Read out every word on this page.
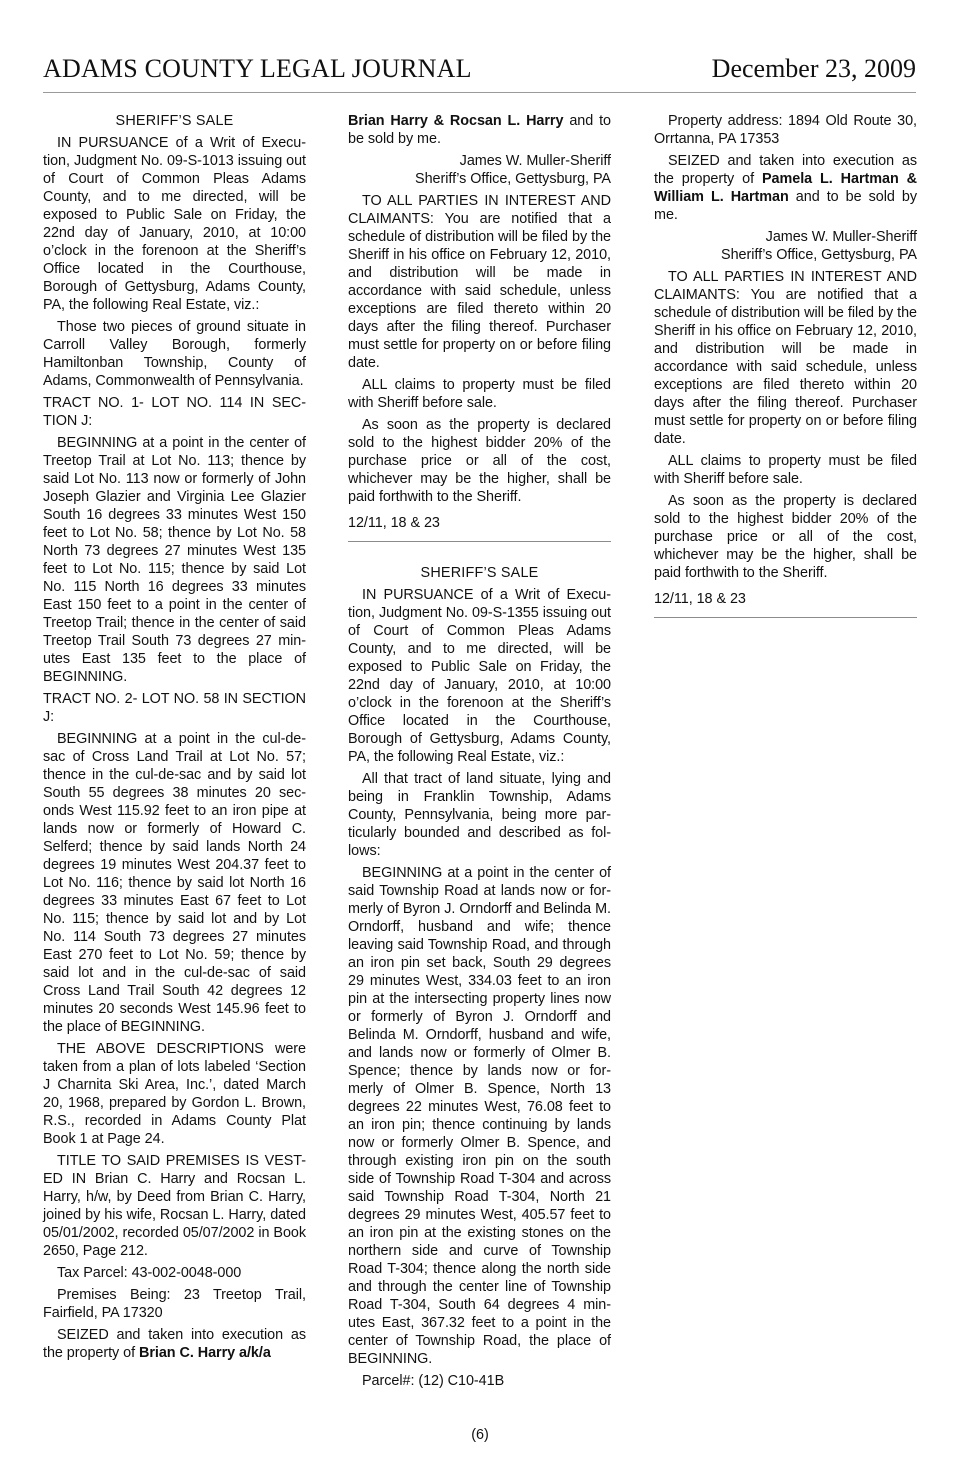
ADAMS COUNTY LEGAL JOURNAL	December 23, 2009
SHERIFF’S SALE

IN PURSUANCE of a Writ of Execu- tion, Judgment No. 09-S-1013 issuing out of Court of Common Pleas Adams County, and to me directed, will be exposed to Public Sale on Friday, the 22nd day of January, 2010, at 10:00 o’clock in the forenoon at the Sheriff’s Office located in the Courthouse, Borough of Gettysburg, Adams County, PA, the following Real Estate, viz.:

Those two pieces of ground situate in Carroll Valley Borough, formerly Hamiltonban Township, County of Adams, Commonwealth of Pennsylvania.

TRACT NO. 1- LOT NO. 114 IN SEC- TION J:

BEGINNING at a point in the center of Treetop Trail at Lot No. 113; thence by said Lot No. 113 now or formerly of John Joseph Glazier and Virginia Lee Glazier South 16 degrees 33 minutes West 150 feet to Lot No. 58; thence by Lot No. 58 North 73 degrees 27 minutes West 135 feet to Lot No. 115; thence by said Lot No. 115 North 16 degrees 33 minutes East 150 feet to a point in the center of Treetop Trail; thence in the center of said Treetop Trail South 73 degrees 27 min- utes East 135 feet to the place of BEGINNING.

TRACT NO. 2- LOT NO. 58 IN SECTION J:

BEGINNING at a point in the cul-de- sac of Cross Land Trail at Lot No. 57; thence in the cul-de-sac and by said lot South 55 degrees 38 minutes 20 sec- onds West 115.92 feet to an iron pipe at lands now or formerly of Howard C. Selferd; thence by said lands North 24 degrees 19 minutes West 204.37 feet to Lot No. 116; thence by said lot North 16 degrees 33 minutes East 67 feet to Lot No. 115; thence by said lot and by Lot No. 114 South 73 degrees 27 minutes East 270 feet to Lot No. 59; thence by said lot and in the cul-de-sac of said Cross Land Trail South 42 degrees 12 minutes 20 seconds West 145.96 feet to the place of BEGINNING.

THE ABOVE DESCRIPTIONS were taken from a plan of lots labeled ‘Section J Charnita Ski Area, Inc.’, dated March 20, 1968, prepared by Gordon L. Brown, R.S., recorded in Adams County Plat Book 1 at Page 24.

TITLE TO SAID PREMISES IS VEST- ED IN Brian C. Harry and Rocsan L. Harry, h/w, by Deed from Brian C. Harry, joined by his wife, Rocsan L. Harry, dated 05/01/2002, recorded 05/07/2002 in Book 2650, Page 212.

Tax Parcel: 43-002-0048-000

Premises Being: 23 Treetop Trail, Fairfield, PA 17320

SEIZED and taken into execution as the property of Brian C. Harry a/k/a

Brian Harry & Rocsan L. Harry and to be sold by me.

James W. Muller-Sheriff

Sheriff’s Office, Gettysburg, PA

TO ALL PARTIES IN INTEREST AND CLAIMANTS: You are notified that a schedule of distribution will be filed by the Sheriff in his office on February 12, 2010, and distribution will be made in accordance with said schedule, unless exceptions are filed thereto within 20 days after the filing thereof. Purchaser must settle for property on or before filing date.

ALL claims to property must be filed with Sheriff before sale.

As soon as the property is declared sold to the highest bidder 20% of the purchase price or all of the cost, whichever may be the higher, shall be paid forthwith to the Sheriff.

12/11, 18 & 23

SHERIFF’S SALE

IN PURSUANCE of a Writ of Execu- tion, Judgment No. 09-S-1355 issuing out of Court of Common Pleas Adams County, and to me directed, will be exposed to Public Sale on Friday, the 22nd day of January, 2010, at 10:00 o’clock in the forenoon at the Sheriff’s Office located in the Courthouse, Borough of Gettysburg, Adams County, PA, the following Real Estate, viz.:

All that tract of land situate, lying and being in Franklin Township, Adams County, Pennsylvania, being more par- ticularly bounded and described as fol- lows:

BEGINNING at a point in the center of said Township Road at lands now or for- merly of Byron J. Orndorff and Belinda M. Orndorff, husband and wife; thence leaving said Township Road, and through an iron pin set back, South 29 degrees 29 minutes West, 334.03 feet to an iron pin at the intersecting property lines now or formerly of Byron J. Orndorff and Belinda M. Orndorff, husband and wife, and lands now or formerly of Olmer B. Spence; thence by lands now or for- merly of Olmer B. Spence, North 13 degrees 22 minutes West, 76.08 feet to an iron pin; thence continuing by lands now or formerly Olmer B. Spence, and through existing iron pin on the south side of Township Road T-304 and across said Township Road T-304, North 21 degrees 29 minutes West, 405.57 feet to an iron pin at the existing stones on the northern side and curve of Township Road T-304; thence along the north side and through the center line of Township Road T-304, South 64 degrees 4 min- utes East, 367.32 feet to a point in the center of Township Road, the place of BEGINNING.

Parcel#: (12) C10-41B

Property address: 1894 Old Route 30, Orrtanna, PA 17353

SEIZED and taken into execution as the property of Pamela L. Hartman & William L. Hartman and to be sold by me.

James W. Muller-Sheriff

Sheriff’s Office, Gettysburg, PA

TO ALL PARTIES IN INTEREST AND CLAIMANTS: You are notified that a schedule of distribution will be filed by the Sheriff in his office on February 12, 2010, and distribution will be made in accordance with said schedule, unless exceptions are filed thereto within 20 days after the filing thereof. Purchaser must settle for property on or before filing date.

ALL claims to property must be filed with Sheriff before sale.

As soon as the property is declared sold to the highest bidder 20% of the purchase price or all of the cost, whichever may be the higher, shall be paid forthwith to the Sheriff.

12/11, 18 & 23

(6)
